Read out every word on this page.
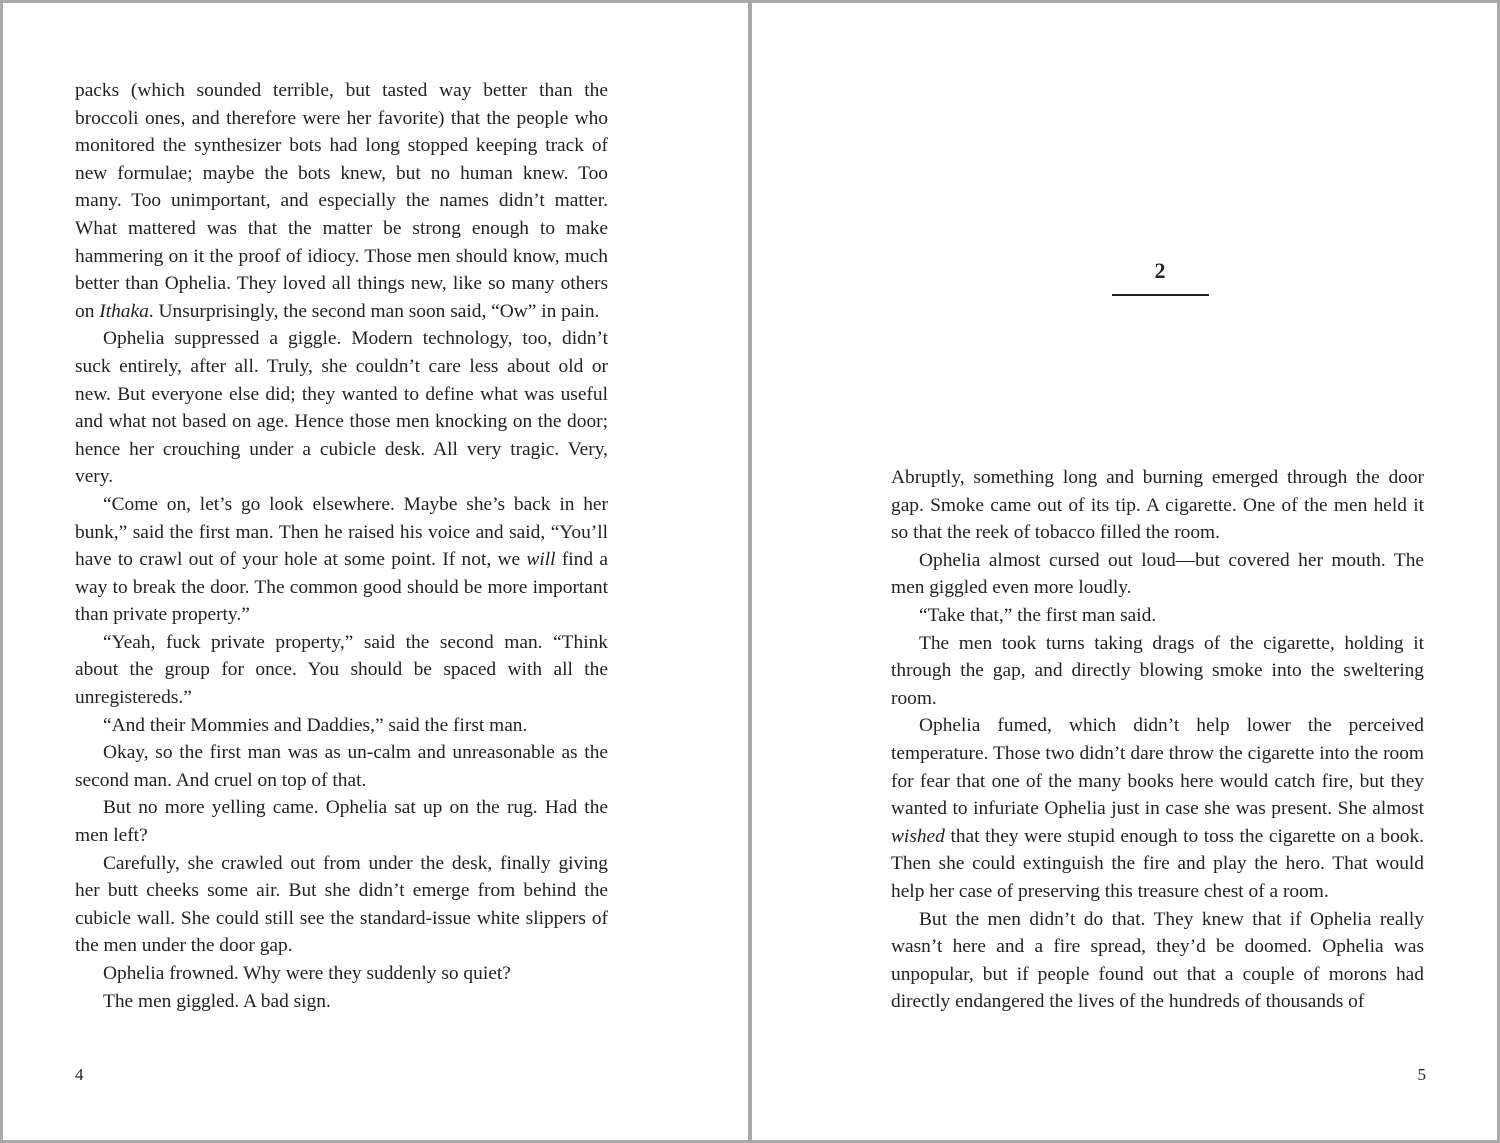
packs (which sounded terrible, but tasted way better than the broccoli ones, and therefore were her favorite) that the people who monitored the synthesizer bots had long stopped keeping track of new formulae; maybe the bots knew, but no human knew. Too many. Too unimportant, and especially the names didn’t matter. What mattered was that the matter be strong enough to make hammering on it the proof of idiocy. Those men should know, much better than Ophelia. They loved all things new, like so many others on Ithaka. Unsurprisingly, the second man soon said, “Ow” in pain.

Ophelia suppressed a giggle. Modern technology, too, didn’t suck entirely, after all. Truly, she couldn’t care less about old or new. But everyone else did; they wanted to define what was useful and what not based on age. Hence those men knocking on the door; hence her crouching under a cubicle desk. All very tragic. Very, very.

“Come on, let’s go look elsewhere. Maybe she’s back in her bunk,” said the first man. Then he raised his voice and said, “You’ll have to crawl out of your hole at some point. If not, we will find a way to break the door. The common good should be more important than private property.”

“Yeah, fuck private property,” said the second man. “Think about the group for once. You should be spaced with all the unregistereds.”

“And their Mommies and Daddies,” said the first man.

Okay, so the first man was as un-calm and unreasonable as the second man. And cruel on top of that.

But no more yelling came. Ophelia sat up on the rug. Had the men left?

Carefully, she crawled out from under the desk, finally giving her butt cheeks some air. But she didn’t emerge from behind the cubicle wall. She could still see the standard-issue white slippers of the men under the door gap.

Ophelia frowned. Why were they suddenly so quiet?

The men giggled. A bad sign.

4
2

Abruptly, something long and burning emerged through the door gap. Smoke came out of its tip. A cigarette. One of the men held it so that the reek of tobacco filled the room.

Ophelia almost cursed out loud—but covered her mouth. The men giggled even more loudly.

“Take that,” the first man said.

The men took turns taking drags of the cigarette, holding it through the gap, and directly blowing smoke into the sweltering room.

Ophelia fumed, which didn’t help lower the perceived temperature. Those two didn’t dare throw the cigarette into the room for fear that one of the many books here would catch fire, but they wanted to infuriate Ophelia just in case she was present. She almost wished that they were stupid enough to toss the cigarette on a book. Then she could extinguish the fire and play the hero. That would help her case of preserving this treasure chest of a room.

But the men didn’t do that. They knew that if Ophelia really wasn’t here and a fire spread, they’d be doomed. Ophelia was unpopular, but if people found out that a couple of morons had directly endangered the lives of the hundreds of thousands of

5
